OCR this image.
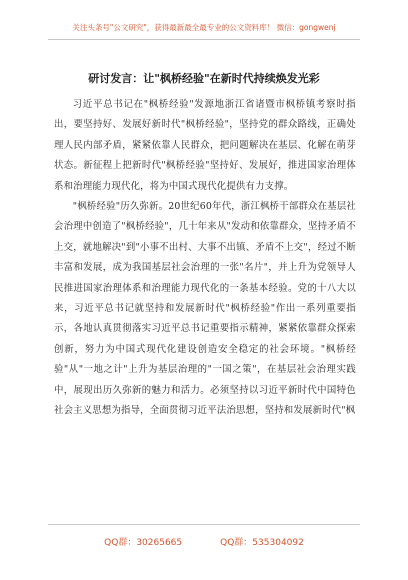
关注头条号"公文研究"，获得最新最全最专业的公文资料库！ 微信：gongwenj
研讨发言：让"枫桥经验"在新时代持续焕发光彩

习近平总书记在"枫桥经验"发源地浙江省诸暨市枫桥镇考察时指出，要坚持好、发展好新时代"枫桥经验"，坚持党的群众路线，正确处理人民内部矛盾，紧紧依靠人民群众，把问题解决在基层、化解在萌芽状态。新征程上把新时代"枫桥经验"坚持好、发展好，推进国家治理体系和治理能力现代化，将为中国式现代化提供有力支撑。

"枫桥经验"历久弥新。20世纪60年代，浙江枫桥干部群众在基层社会治理中创造了"枫桥经验"，几十年来从"发动和依靠群众，坚持矛盾不上交，就地解决"到"小事不出村、大事不出镇、矛盾不上交"，经过不断丰富和发展，成为我国基层社会治理的一张"名片"，并上升为党领导人民推进国家治理体系和治理能力现代化的一条基本经验。党的十八大以来，习近平总书记就坚持和发展新时代"枫桥经验"作出一系列重要指示，各地认真贯彻落实习近平总书记重要指示精神，紧紧依靠群众探索创新，努力为中国式现代化建设创造安全稳定的社会环境。"枫桥经验"从"一地之计"上升为基层治理的"一国之策"，在基层社会治理实践中，展现出历久弥新的魅力和活力。必须坚持以习近平新时代中国特色社会主义思想为指导，全面贯彻习近平法治思想，坚持和发展新时代"枫

QQ群：30265665	QQ群：535304092
